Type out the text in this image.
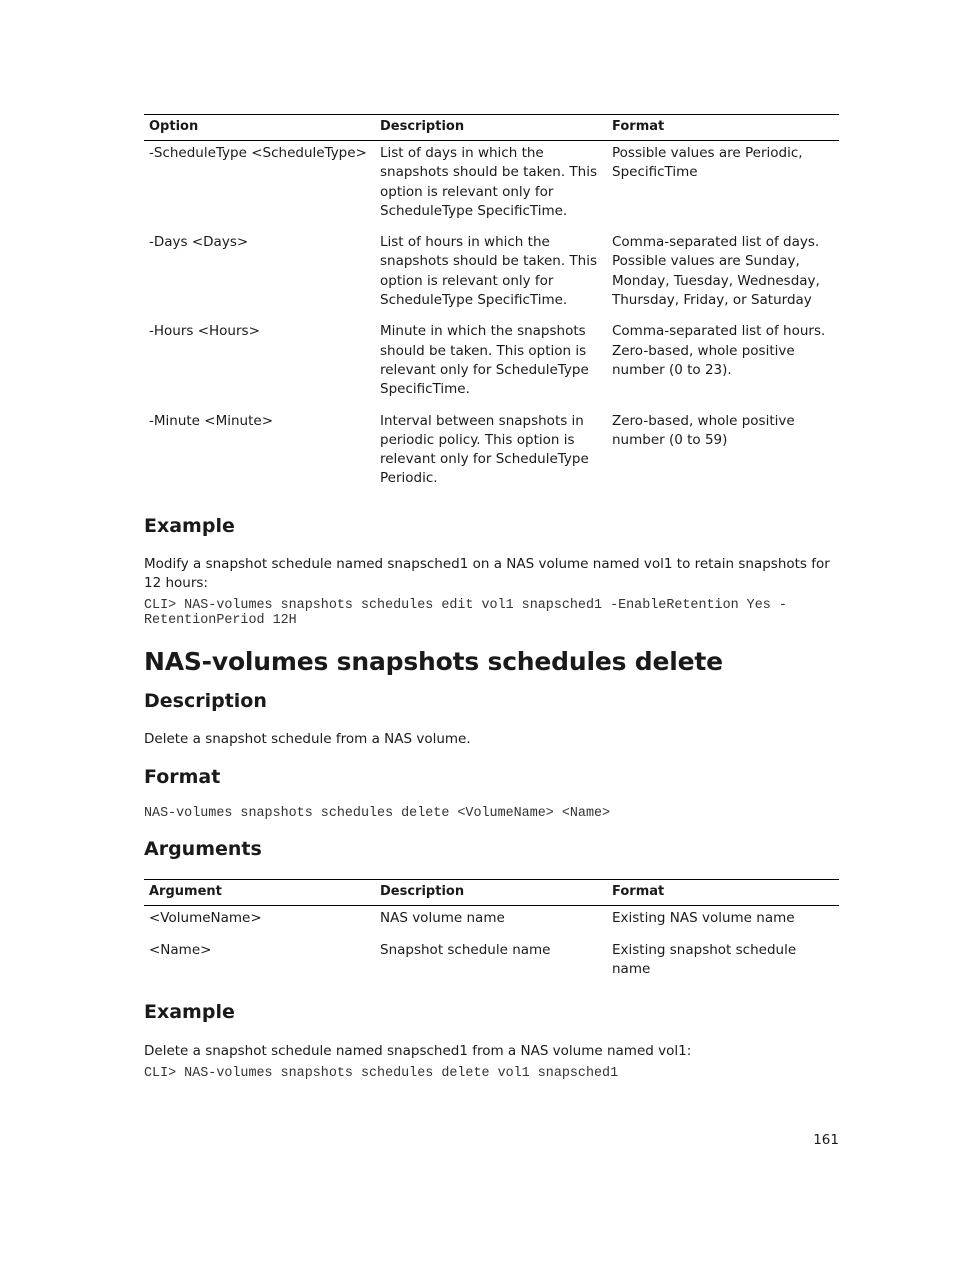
Option	Description	Format
-ScheduleType <ScheduleType>	List of days in which the snapshots should be taken. This option is relevant only for ScheduleType SpecificTime.	Possible values are Periodic, SpecificTime
-Days <Days>	List of hours in which the snapshots should be taken. This option is relevant only for ScheduleType SpecificTime.	Comma-separated list of days. Possible values are Sunday, Monday, Tuesday, Wednesday, Thursday, Friday, or Saturday
-Hours <Hours>	Minute in which the snapshots should be taken. This option is relevant only for ScheduleType SpecificTime.	Comma-separated list of hours. Zero-based, whole positive number (0 to 23).
-Minute <Minute>	Interval between snapshots in periodic policy. This option is relevant only for ScheduleType Periodic.	Zero-based, whole positive number (0 to 59)
Example

Modify a snapshot schedule named snapsched1 on a NAS volume named vol1 to retain snapshots for 12 hours:

CLI> NAS-volumes snapshots schedules edit vol1 snapsched1 -EnableRetention Yes -
RetentionPeriod 12H
NAS-volumes snapshots schedules delete
Description

Delete a snapshot schedule from a NAS volume.

Format
NAS-volumes snapshots schedules delete <VolumeName> <Name>
Arguments
Argument	Description	Format
<VolumeName>	NAS volume name	Existing NAS volume name
<Name>	Snapshot schedule name	Existing snapshot schedule name
Example

Delete a snapshot schedule named snapsched1 from a NAS volume named vol1:

CLI> NAS-volumes snapshots schedules delete vol1 snapsched1
161
